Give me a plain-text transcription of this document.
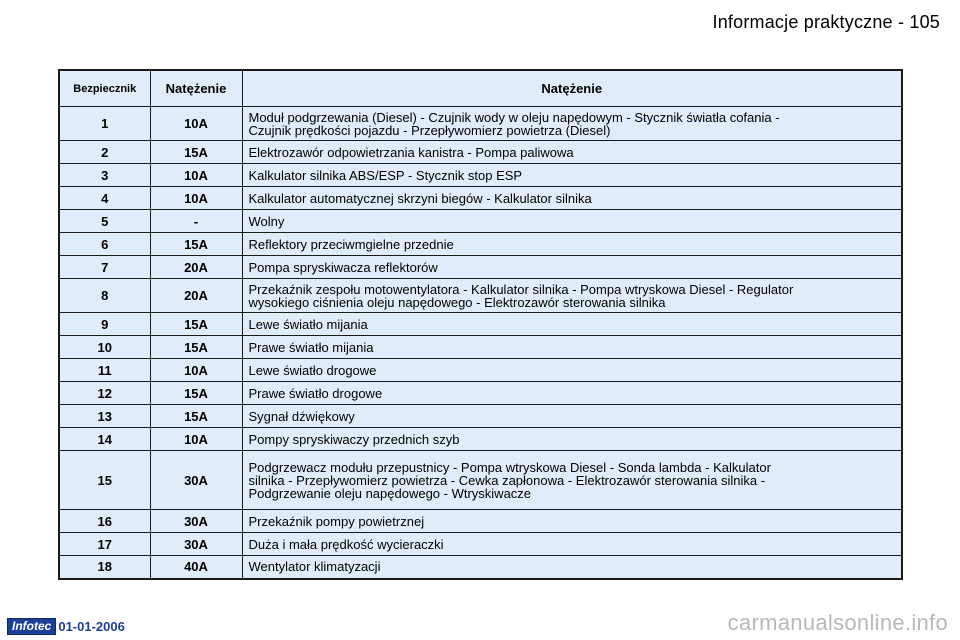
Informacje praktyczne - 105
Bezpiecznik	Natężenie	Natężenie
1	10A	Moduł podgrzewania (Diesel) - Czujnik wody w oleju napędowym - Stycznik światła cofania -
Czujnik prędkości pojazdu - Przepływomierz powietrza (Diesel)

2	15A	Elektrozawór odpowietrzania kanistra - Pompa paliwowa

3	10A	Kalkulator silnika ABS/ESP - Stycznik stop ESP

4	10A	Kalkulator automatycznej skrzyni biegów - Kalkulator silnika

5	-	Wolny

6	15A	Reflektory przeciwmgielne przednie

7	20A	Pompa spryskiwacza reflektorów

8	20A	Przekaźnik zespołu motowentylatora - Kalkulator silnika - Pompa wtryskowa Diesel - Regulator
wysokiego ciśnienia oleju napędowego - Elektrozawór sterowania silnika

9	15A	Lewe światło mijania

10	15A	Prawe światło mijania

11	10A	Lewe światło drogowe

12	15A	Prawe światło drogowe

13	15A	Sygnał dźwiękowy

14	10A	Pompy spryskiwaczy przednich szyb

15	30A	Podgrzewacz modułu przepustnicy - Pompa wtryskowa Diesel - Sonda lambda - Kalkulator
silnika - Przepływomierz powietrza - Cewka zapłonowa - Elektrozawór sterowania silnika -
Podgrzewanie oleju napędowego - Wtryskiwacze

16	30A	Przekaźnik pompy powietrznej

17	30A	Duża i mała prędkość wycieraczki

18	40A	Wentylator klimatyzacji
Infotec 01-01-2006	carmanualsonline.info
